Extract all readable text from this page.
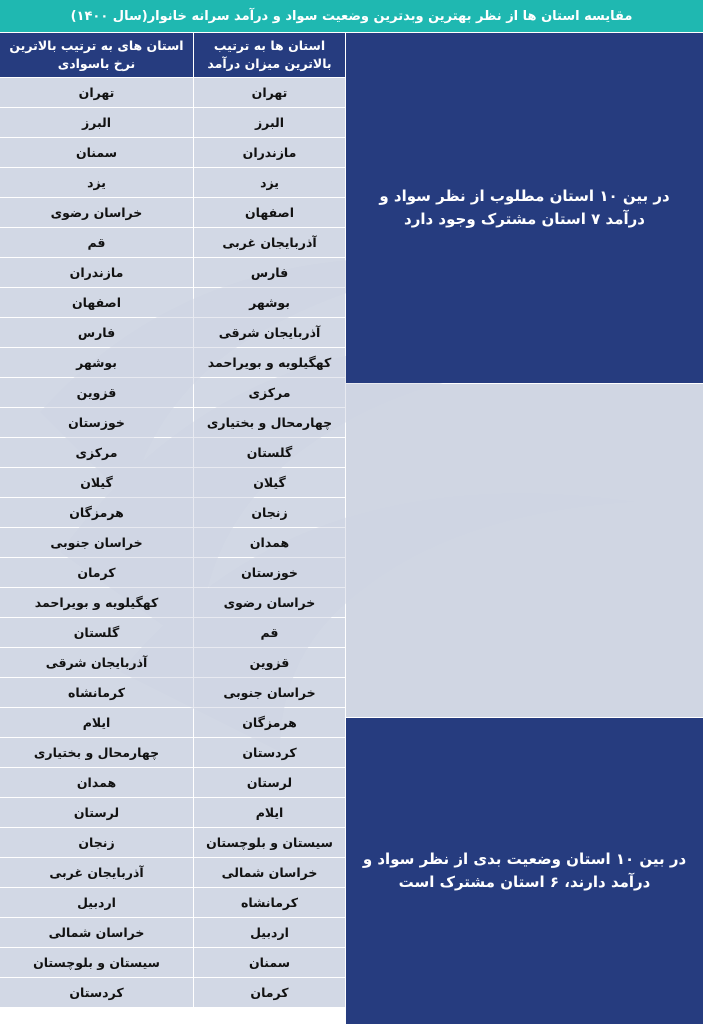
مقایسه استان ها از نظر بهترین وبدترین وضعیت سواد و درآمد سرانه خانوار(سال ۱۴۰۰)
استان ها به ترتیب بالاترین میزان درآمد
استان های به ترتیب بالاترین نرخ باسوادی
تهران
تهران
البرز
البرز
مازندران
سمنان
یزد
یزد
اصفهان
خراسان رضوی
آذربایجان غربی
قم
فارس
مازندران
بوشهر
اصفهان
آذربایجان شرقی
فارس
کهگیلویه و بویراحمد
بوشهر
مرکزی
قزوین
چهارمحال و بختیاری
خوزستان
گلستان
مرکزی
گیلان
گیلان
زنجان
هرمزگان
همدان
خراسان جنوبی
خوزستان
کرمان
خراسان رضوی
کهگیلویه و بویراحمد
قم
گلستان
قزوین
آذربایجان شرقی
خراسان جنوبی
کرمانشاه
هرمزگان
ایلام
کردستان
چهارمحال و بختیاری
لرستان
همدان
ایلام
لرستان
سیستان و بلوچستان
زنجان
خراسان شمالی
آذربایجان غربی
کرمانشاه
اردبیل
اردبیل
خراسان شمالی
سمنان
سیستان و بلوچستان
کرمان
کردستان

در بین ۱۰ استان مطلوب از نظر سواد و درآمد ۷ استان مشترک وجود دارد

در بین ۱۰ استان وضعیت بدی از نظر سواد و درآمد دارند، ۶ استان مشترک است
